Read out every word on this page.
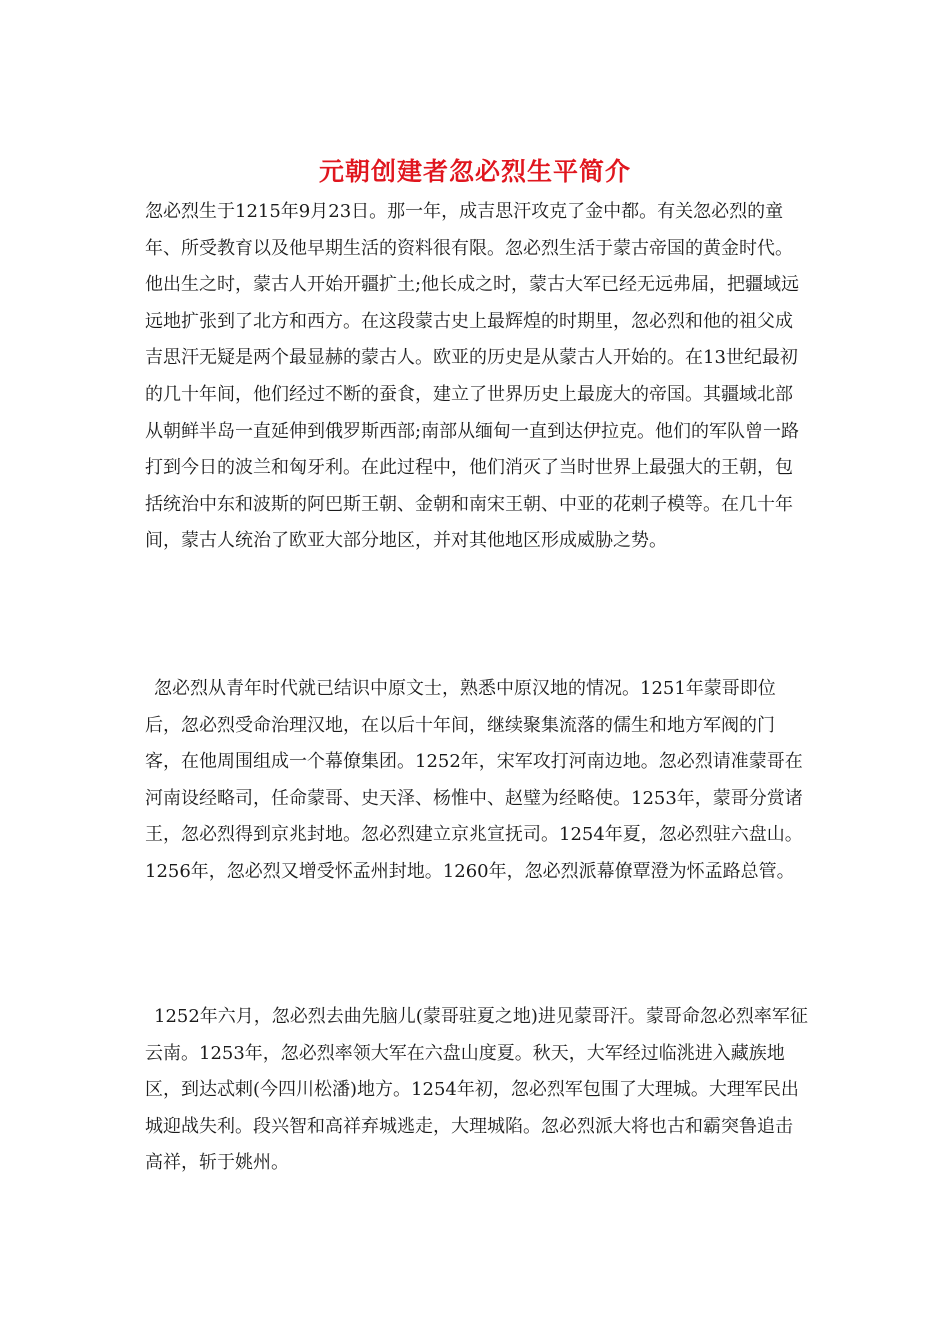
元朝创建者忽必烈生平简介

忽必烈生于1215年9月23日。那一年，成吉思汗攻克了金中都。有关忽必烈的童年、所受教育以及他早期生活的资料很有限。忽必烈生活于蒙古帝国的黄金时代。他出生之时，蒙古人开始开疆扩土;他长成之时，蒙古大军已经无远弗届，把疆域远远地扩张到了北方和西方。在这段蒙古史上最辉煌的时期里，忽必烈和他的祖父成吉思汗无疑是两个最显赫的蒙古人。欧亚的历史是从蒙古人开始的。在13世纪最初的几十年间，他们经过不断的蚕食，建立了世界历史上最庞大的帝国。其疆域北部从朝鲜半岛一直延伸到俄罗斯西部;南部从缅甸一直到达伊拉克。他们的军队曾一路打到今日的波兰和匈牙利。在此过程中，他们消灭了当时世界上最强大的王朝，包括统治中东和波斯的阿巴斯王朝、金朝和南宋王朝、中亚的花剌子模等。在几十年间，蒙古人统治了欧亚大部分地区，并对其他地区形成威胁之势。

忽必烈从青年时代就已结识中原文士，熟悉中原汉地的情况。1251年蒙哥即位后，忽必烈受命治理汉地，在以后十年间，继续聚集流落的儒生和地方军阀的门客，在他周围组成一个幕僚集团。1252年，宋军攻打河南边地。忽必烈请准蒙哥在河南设经略司，任命蒙哥、史天泽、杨惟中、赵璧为经略使。1253年，蒙哥分赏诸王，忽必烈得到京兆封地。忽必烈建立京兆宣抚司。1254年夏，忽必烈驻六盘山。1256年，忽必烈又增受怀孟州封地。1260年，忽必烈派幕僚覃澄为怀孟路总管。

1252年六月，忽必烈去曲先脑儿(蒙哥驻夏之地)进见蒙哥汗。蒙哥命忽必烈率军征云南。1253年，忽必烈率领大军在六盘山度夏。秋天，大军经过临洮进入藏族地区，到达忒剌(今四川松潘)地方。1254年初，忽必烈军包围了大理城。大理军民出城迎战失利。段兴智和高祥弃城逃走，大理城陷。忽必烈派大将也古和霸突鲁追击高祥，斩于姚州。
